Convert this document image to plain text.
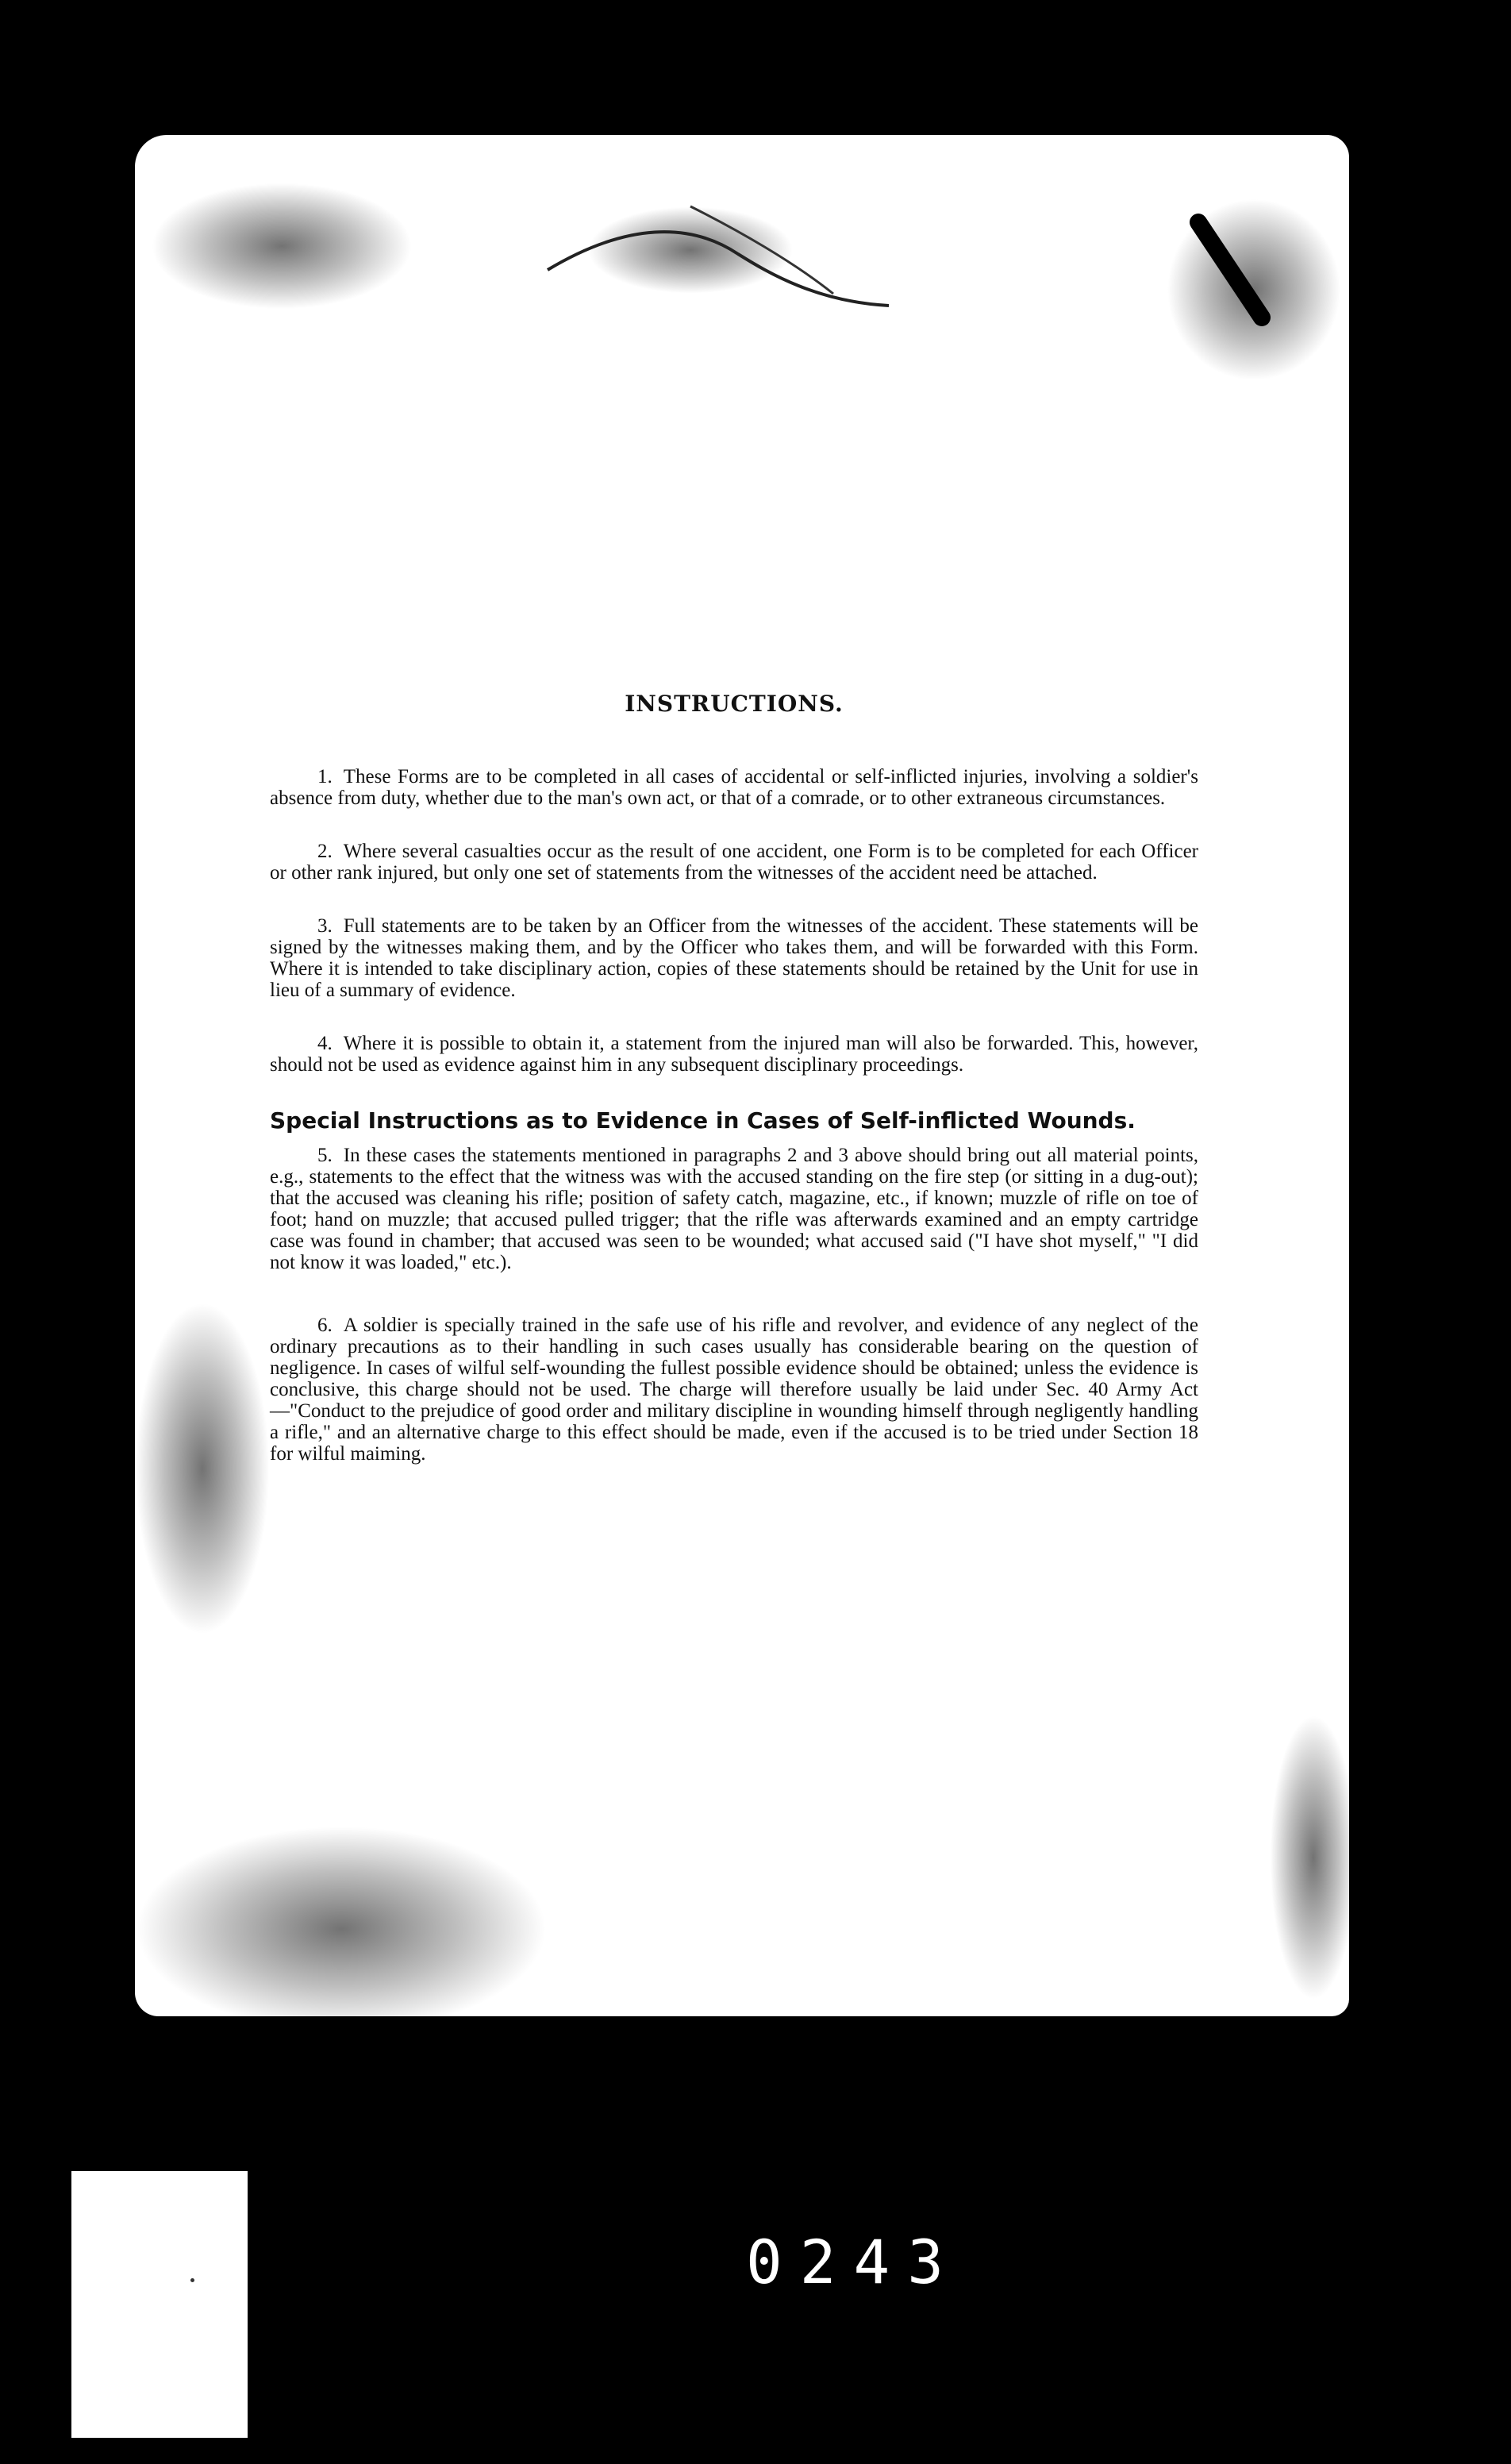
INSTRUCTIONS.

1. These Forms are to be completed in all cases of accidental or self-inflicted injuries, involving a soldier's absence from duty, whether due to the man's own act, or that of a comrade, or to other extraneous circumstances.

2. Where several casualties occur as the result of one accident, one Form is to be completed for each Officer or other rank injured, but only one set of statements from the witnesses of the accident need be attached.

3. Full statements are to be taken by an Officer from the witnesses of the accident. These statements will be signed by the witnesses making them, and by the Officer who takes them, and will be forwarded with this Form. Where it is intended to take disciplinary action, copies of these statements should be retained by the Unit for use in lieu of a summary of evidence.

4. Where it is possible to obtain it, a statement from the injured man will also be forwarded. This, however, should not be used as evidence against him in any subsequent disciplinary proceedings.

Special Instructions as to Evidence in Cases of Self-inflicted Wounds.

5. In these cases the statements mentioned in paragraphs 2 and 3 above should bring out all material points, e.g., statements to the effect that the witness was with the accused standing on the fire step (or sitting in a dug-out); that the accused was cleaning his rifle; position of safety catch, magazine, etc., if known; muzzle of rifle on toe of foot; hand on muzzle; that accused pulled trigger; that the rifle was afterwards examined and an empty cartridge case was found in chamber; that accused was seen to be wounded; what accused said ("I have shot myself," "I did not know it was loaded," etc.).

6. A soldier is specially trained in the safe use of his rifle and revolver, and evidence of any neglect of the ordinary precautions as to their handling in such cases usually has considerable bearing on the question of negligence. In cases of wilful self-wounding the fullest possible evidence should be obtained; unless the evidence is conclusive, this charge should not be used. The charge will therefore usually be laid under Sec. 40 Army Act—"Conduct to the prejudice of good order and military discipline in wounding himself through negligently handling a rifle," and an alternative charge to this effect should be made, even if the accused is to be tried under Section 18 for wilful maiming.

0243
